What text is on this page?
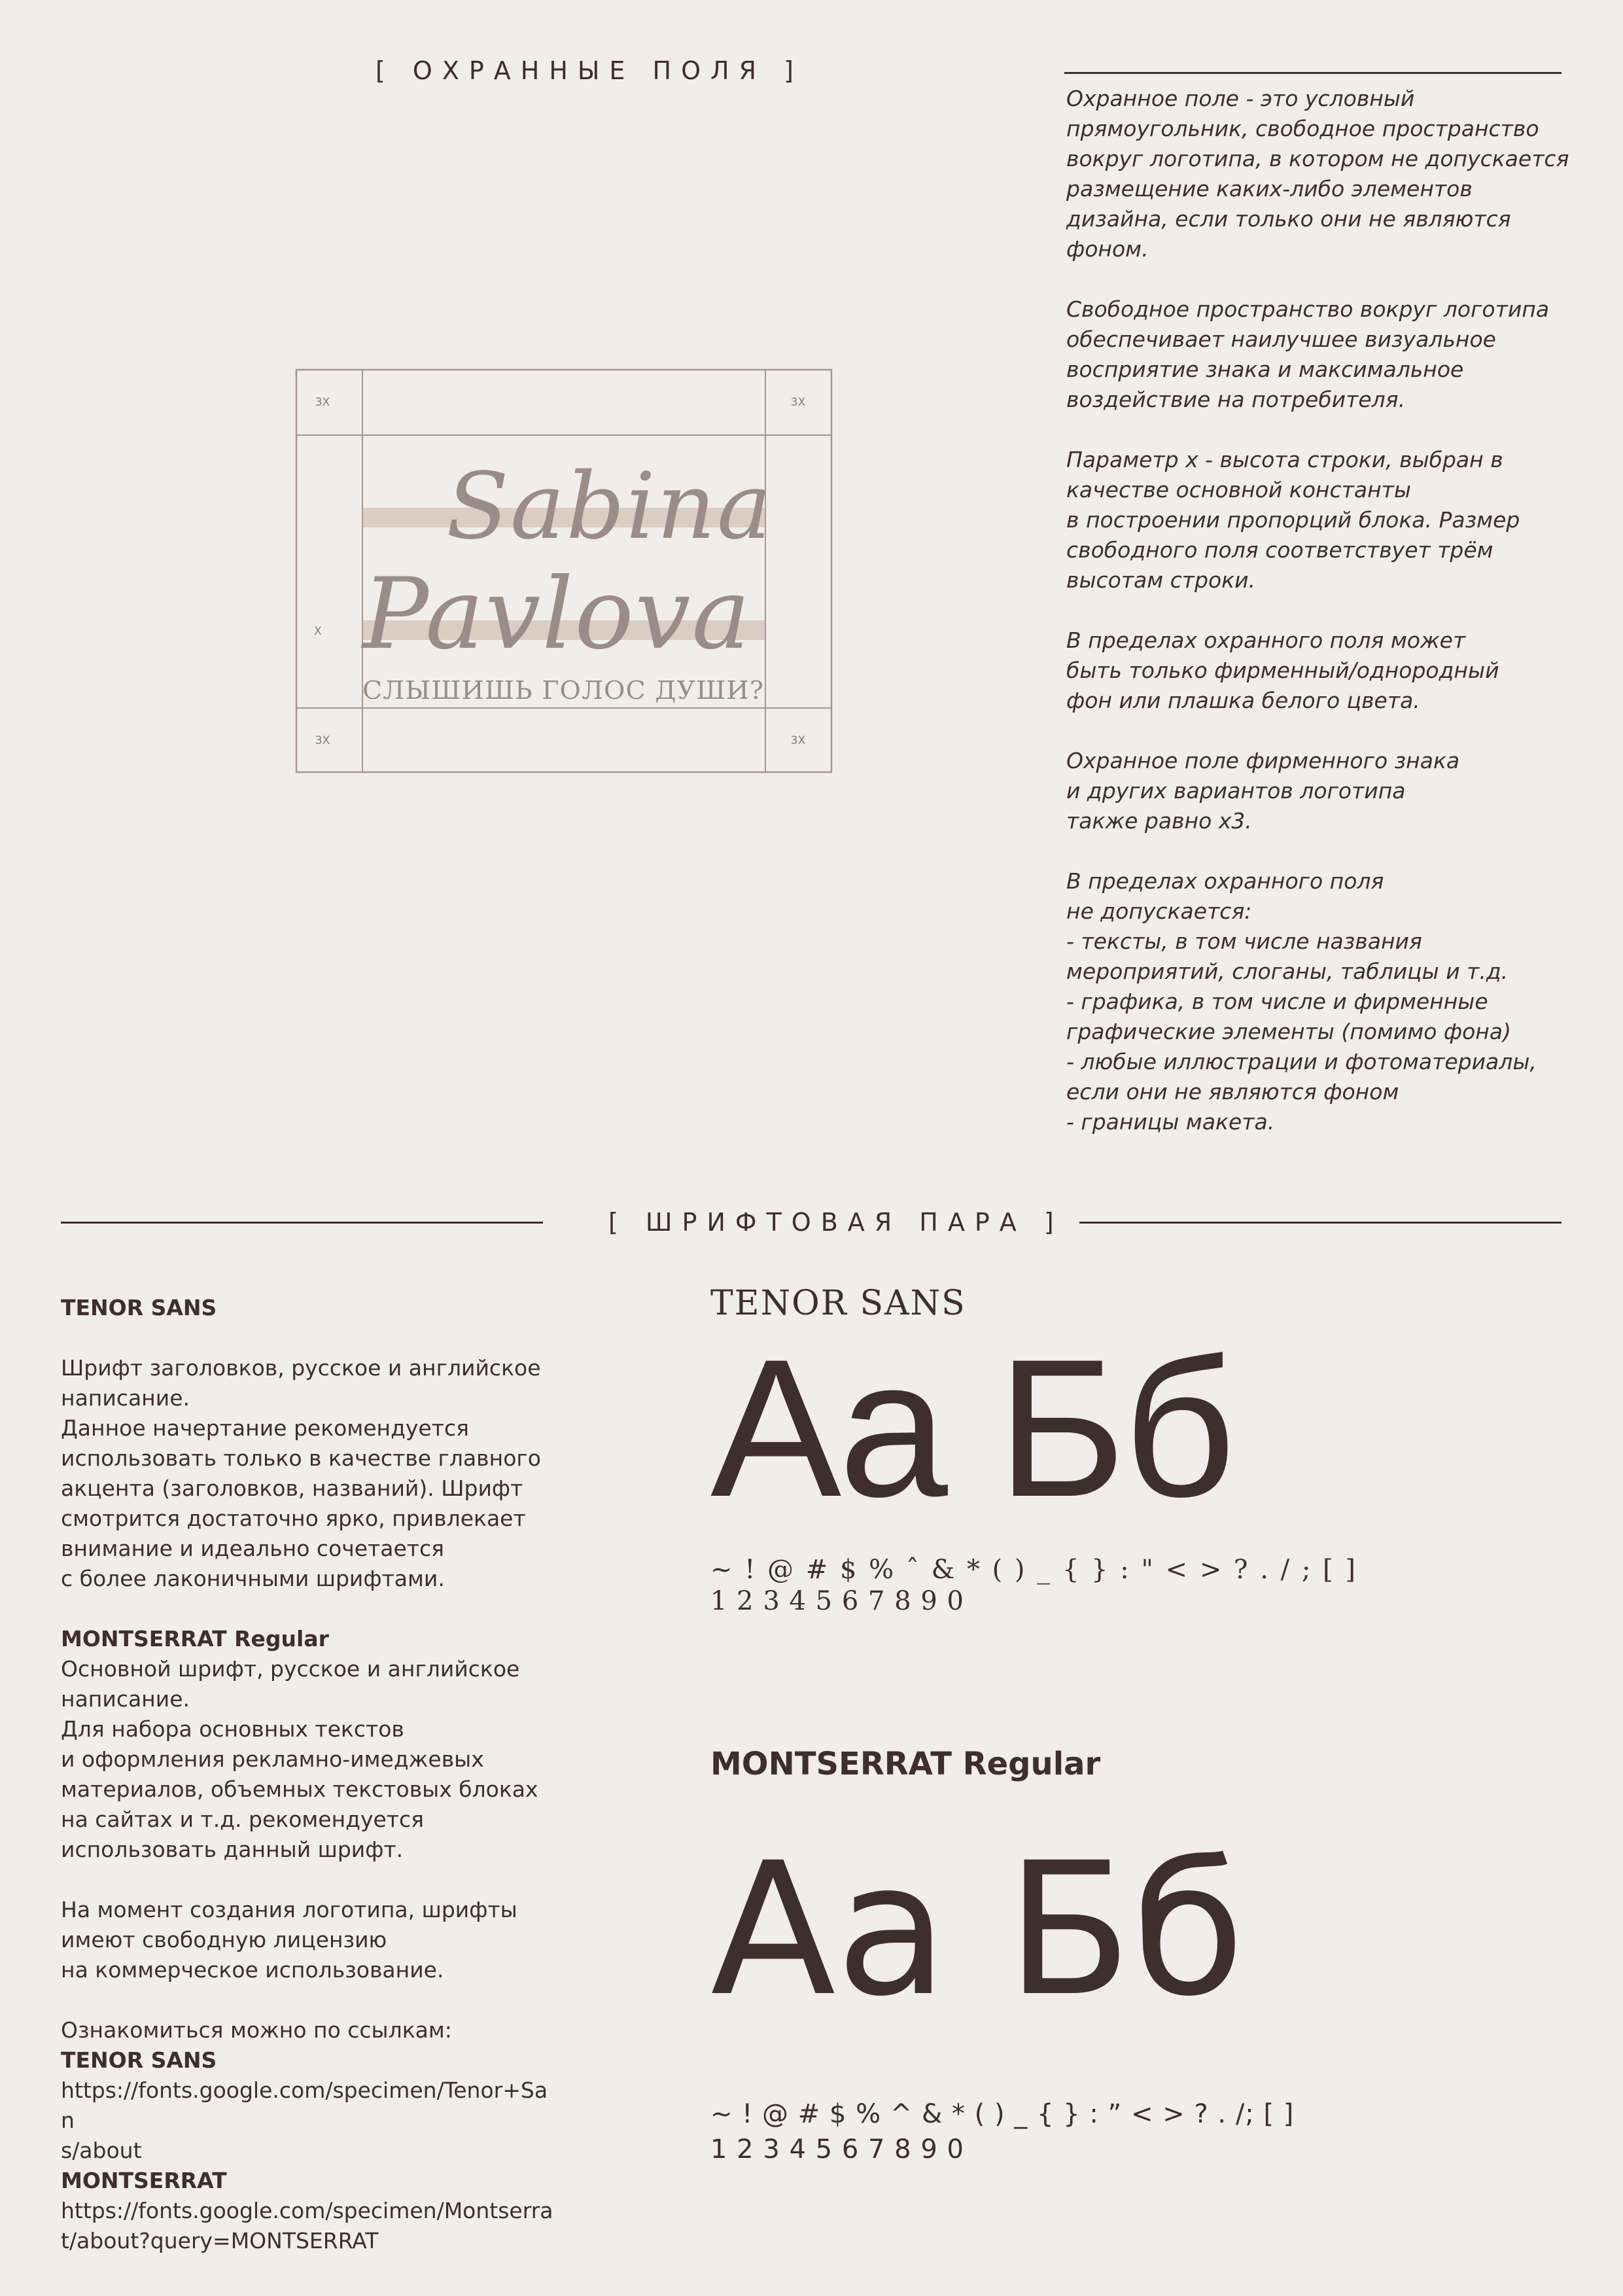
[ ОХРАННЫЕ ПОЛЯ ]
Sabina
Pavlova
СЛЫШИШЬ ГОЛОС ДУШИ?
3X	3X
3X	3X
X

Охранное поле - это условный
прямоугольник, свободное пространство
вокруг логотипа, в котором не допускается
размещение каких-либо элементов
дизайна, если только они не являются
фоном.

Свободное пространство вокруг логотипа
обеспечивает наилучшее визуальное
восприятие знака и максимальное
воздействие на потребителя.

Параметр х - высота строки, выбран в
качестве основной константы
в построении пропорций блока. Размер
свободного поля соответствует трём
высотам строки.

В пределах охранного поля может
быть только фирменный/однородный
фон или плашка белого цвета.

Охранное поле фирменного знака
и других вариантов логотипа
также равно х3.

В пределах охранного поля
не допускается:
- тексты, в том числе названия
мероприятий, слоганы, таблицы и т.д.
- графика, в том числе и фирменные
графические элементы (помимо фона)
- любые иллюстрации и фотоматериалы,
если они не являются фоном
- границы макета.

[ ШРИФТОВАЯ ПАРА ]

TENOR SANS

Шрифт заголовков, русское и английское
написание.
Данное начертание рекомендуется
использовать только в качестве главного
акцента (заголовков, названий). Шрифт
смотрится достаточно ярко, привлекает
внимание и идеально сочетается
с более лаконичными шрифтами.

MONTSERRAT Regular

Основной шрифт, русское и английское
написание.
Для набора основных текстов
и оформления рекламно-имеджевых
материалов, объемных текстовых блоках
на сайтах и т.д. рекомендуется
использовать данный шрифт.

На момент создания логотипа, шрифты
имеют свободную лицензию
на коммерческое использование.

Ознакомиться можно по ссылкам:

TENOR SANS

https://fonts.google.com/specimen/Tenor+San
s/about

MONTSERRAT

https://fonts.google.com/specimen/Montserra
t/about?query=MONTSERRAT

TENOR SANS
Aa Бб
~ ! @ # $ % ˆ & * ( ) _ { } : " < > ? . / ; [ ]
1 2 3 4 5 6 7 8 9 0
MONTSERRAT Regular
Aa Бб
~ ! @ # $ % ^ & * ( ) _ { } : ” < > ? . /; [ ]
1 2 3 4 5 6 7 8 9 0
